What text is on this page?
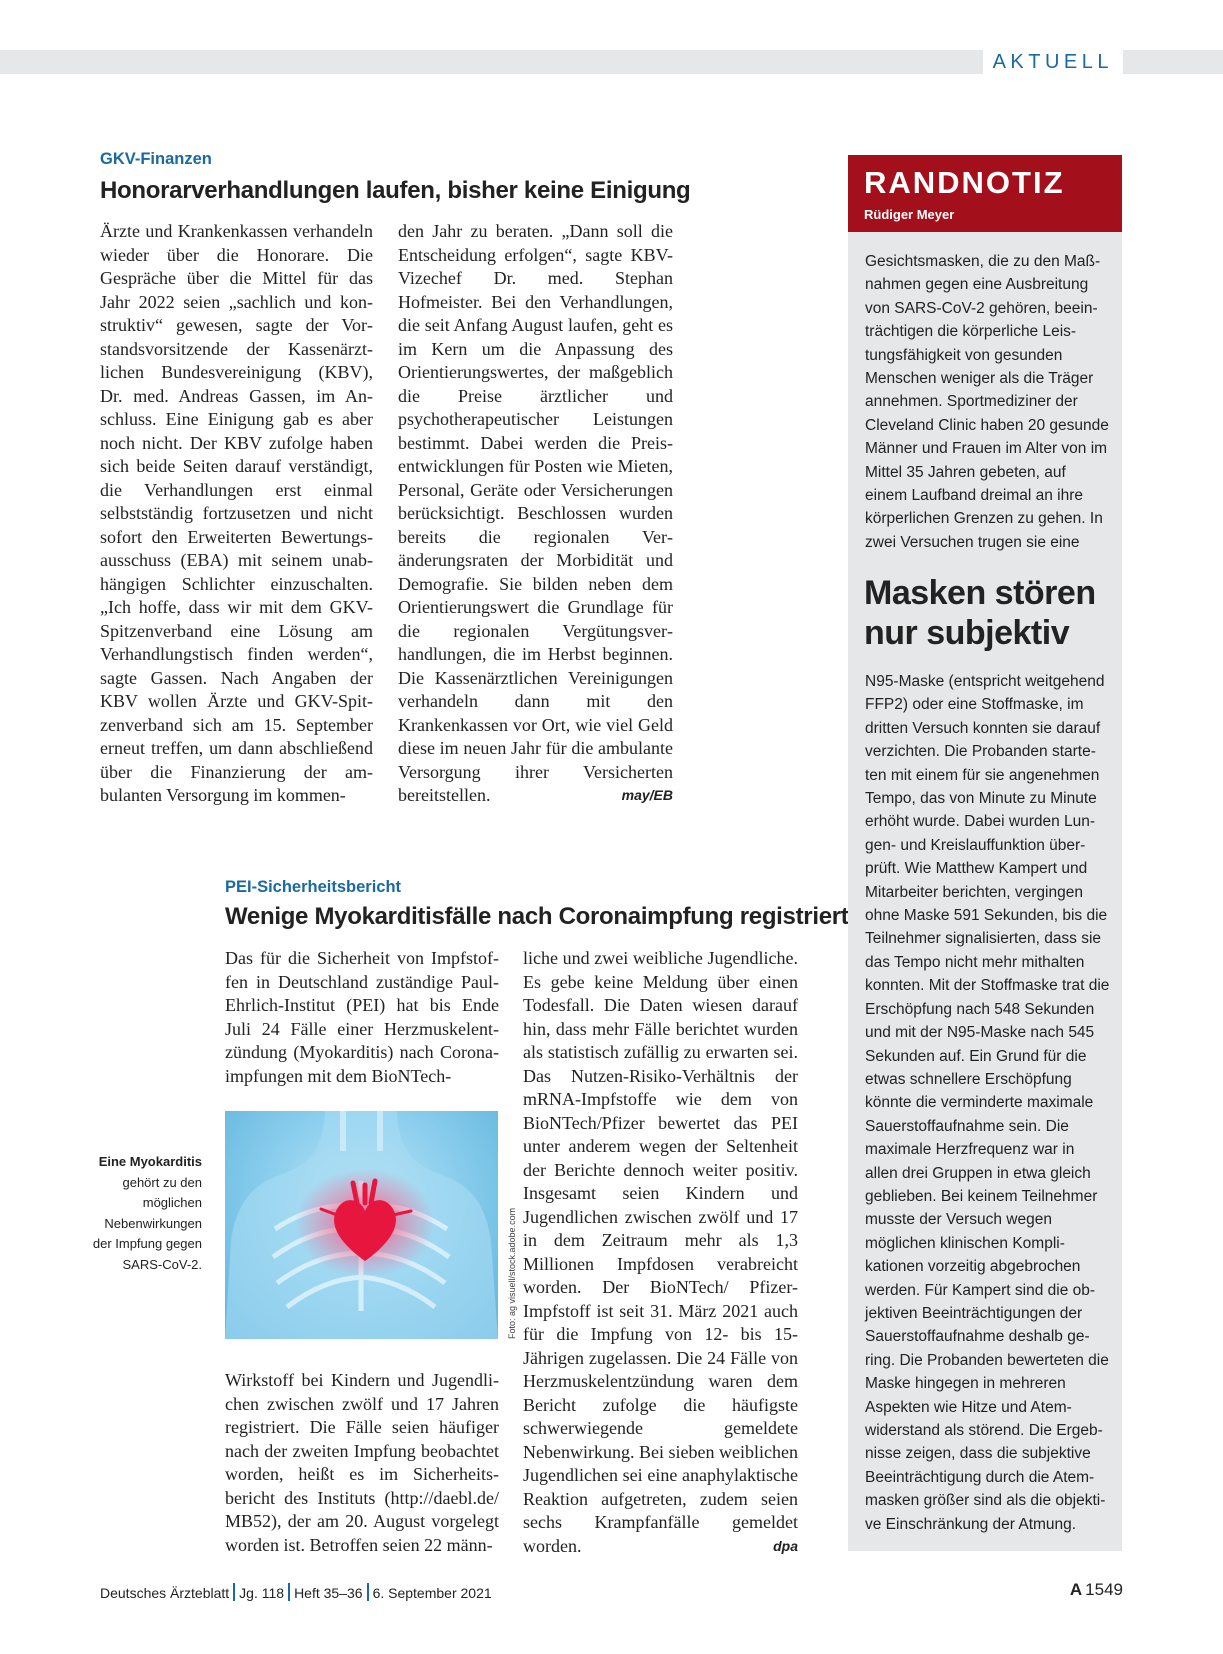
AKTUELL
GKV-Finanzen
Honorarverhandlungen laufen, bisher keine Einigung

Ärzte und Krankenkassen verhandeln wieder über die Honorare. Die Gespräche über die Mittel für das Jahr 2022 seien „sachlich und konstruktiv“ gewesen, sagte der Vorstandsvorsitzende der Kassenärztlichen Bundesvereinigung (KBV), Dr. med. Andreas Gassen, im Anschluss. Eine Einigung gab es aber noch nicht. Der KBV zufolge haben sich beide Seiten darauf verständigt, die Verhandlungen erst einmal selbstständig fortzusetzen und nicht sofort den Erweiterten Bewertungsausschuss (EBA) mit seinem unabhängigen Schlichter einzuschalten. „Ich hoffe, dass wir mit dem GKV-Spitzenverband eine Lösung am Verhandlungstisch finden werden“, sagte Gassen. Nach Angaben der KBV wollen Ärzte und GKV-Spitzenverband sich am 15. September erneut treffen, um dann abschließend über die Finanzierung der ambulanten Versorgung im kommen-

den Jahr zu beraten. „Dann soll die Entscheidung erfolgen“, sagte KBV-Vizechef Dr. med. Stephan Hofmeister. Bei den Verhandlungen, die seit Anfang August laufen, geht es im Kern um die Anpassung des Orientierungswertes, der maßgeblich die Preise ärztlicher und psychotherapeutischer Leistungen bestimmt. Dabei werden die Preisentwicklungen für Posten wie Mieten, Personal, Geräte oder Versicherungen berücksichtigt. Beschlossen wurden bereits die regionalen Veränderungsraten der Morbidität und Demografie. Sie bilden neben dem Orientierungswert die Grundlage für die regionalen Vergütungsverhandlungen, die im Herbst beginnen. Die Kassenärztlichen Vereinigungen verhandeln dann mit den Krankenkassen vor Ort, wie viel Geld diese im neuen Jahr für die ambulante Versorgung ihrer Versicherten bereitstellen.	may/EB

PEI-Sicherheitsbericht
Wenige Myokarditisfälle nach Coronaimpfung registriert

Das für die Sicherheit von Impfstoffen in Deutschland zuständige Paul-Ehrlich-Institut (PEI) hat bis Ende Juli 24 Fälle einer Herzmuskelentzündung (Myokarditis) nach Coronaimpfungen mit dem BioNTech-

Foto: ag visuell/stock.adobe.com
Eine Myokarditis gehört zu den möglichen Nebenwirkungen der Impfung gegen SARS-CoV-2.

Wirkstoff bei Kindern und Jugendlichen zwischen zwölf und 17 Jahren registriert. Die Fälle seien häufiger nach der zweiten Impfung beobachtet worden, heißt es im Sicherheitsbericht des Instituts (http://daebl.de/ MB52), der am 20. August vorgelegt worden ist. Betroffen seien 22 männ-

liche und zwei weibliche Jugendliche. Es gebe keine Meldung über einen Todesfall. Die Daten wiesen darauf hin, dass mehr Fälle berichtet wurden als statistisch zufällig zu erwarten sei. Das Nutzen-Risiko-Verhältnis der mRNA-Impfstoffe wie dem von BioNTech/Pfizer bewertet das PEI unter anderem wegen der Seltenheit der Berichte dennoch weiter positiv. Insgesamt seien Kindern und Jugendlichen zwischen zwölf und 17 in dem Zeitraum mehr als 1,3 Millionen Impfdosen verabreicht worden. Der BioNTech/ Pfizer-Impfstoff ist seit 31. März 2021 auch für die Impfung von 12- bis 15-Jährigen zugelassen. Die 24 Fälle von Herzmuskelentzündung waren dem Bericht zufolge die häufigste schwerwiegende gemeldete Nebenwirkung. Bei sieben weiblichen Jugendlichen sei eine anaphylaktische Reaktion aufgetreten, zudem seien sechs Krampfanfälle gemeldet worden.	dpa

RANDNOTIZ
Rüdiger Meyer

Gesichtsmasken, die zu den Maßnahmen gegen eine Ausbreitung von SARS-CoV-2 gehören, beeinträchtigen die körperliche Leistungsfähigkeit von gesunden Menschen weniger als die Träger annehmen. Sportmediziner der Cleveland Clinic haben 20 gesunde Männer und Frauen im Alter von im Mittel 35 Jahren gebeten, auf einem Laufband dreimal an ihre körperlichen Grenzen zu gehen. In zwei Versuchen trugen sie eine

Masken stören nur subjektiv

N95-Maske (entspricht weitgehend FFP2) oder eine Stoffmaske, im dritten Versuch konnten sie darauf verzichten. Die Probanden starteten mit einem für sie angenehmen Tempo, das von Minute zu Minute erhöht wurde. Dabei wurden Lungen- und Kreislauffunktion überprüft. Wie Matthew Kampert und Mitarbeiter berichten, vergingen ohne Maske 591 Sekunden, bis die Teilnehmer signalisierten, dass sie das Tempo nicht mehr mithalten konnten. Mit der Stoffmaske trat die Erschöpfung nach 548 Sekunden und mit der N95-Maske nach 545 Sekunden auf. Ein Grund für die etwas schnellere Erschöpfung könnte die verminderte maximale Sauerstoffaufnahme sein. Die maximale Herzfrequenz war in allen drei Gruppen in etwa gleich geblieben. Bei keinem Teilnehmer musste der Versuch wegen möglichen klinischen Komplikationen vorzeitig abgebrochen werden. Für Kampert sind die objektiven Beeinträchtigungen der Sauerstoffaufnahme deshalb gering. Die Probanden bewerteten die Maske hingegen in mehreren Aspekten wie Hitze und Atemwiderstand als störend. Die Ergebnisse zeigen, dass die subjektive Beeinträchtigung durch die Atemmasken größer sind als die objektive Einschränkung der Atmung.

Deutsches Ärzteblatt Jg. 118 Heft 35–36 6. September 2021	A 1549
